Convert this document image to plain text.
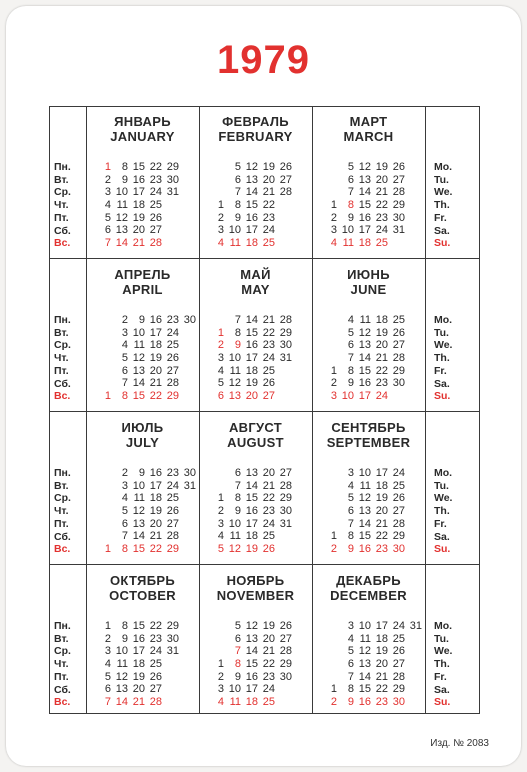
1979
Пн.
Вт.
Ср.
Чт.
Пт.
Сб.
Вс.
Mo.
Tu.
We.
Th.
Fr.
Sa.
Su.
ЯНВАРЬ
JANUARY
1 8 15 22 29
2 9 16 23 30
3 10 17 24 31
4 11 18 25
5 12 19 26
6 13 20 27
7 14 21 28
ФЕВРАЛЬ
FEBRUARY
5 12 19 26
6 13 20 27
7 14 21 28
1 8 15 22
2 9 16 23
3 10 17 24
4 11 18 25
МАРТ
MARCH
5 12 19 26
6 13 20 27
7 14 21 28
1 8 15 22 29
2 9 16 23 30
3 10 17 24 31
4 11 18 25
Пн.
Вт.
Ср.
Чт.
Пт.
Сб.
Вс.
Mo.
Tu.
We.
Th.
Fr.
Sa.
Su.
АПРЕЛЬ
APRIL
2 9 16 23 30
3 10 17 24
4 11 18 25
5 12 19 26
6 13 20 27
7 14 21 28
1 8 15 22 29
МАЙ
MAY
7 14 21 28
1 8 15 22 29
2 9 16 23 30
3 10 17 24 31
4 11 18 25
5 12 19 26
6 13 20 27
ИЮНЬ
JUNE
4 11 18 25
5 12 19 26
6 13 20 27
7 14 21 28
1 8 15 22 29
2 9 16 23 30
3 10 17 24
Пн.
Вт.
Ср.
Чт.
Пт.
Сб.
Вс.
Mo.
Tu.
We.
Th.
Fr.
Sa.
Su.
ИЮЛЬ
JULY
2 9 16 23 30
3 10 17 24 31
4 11 18 25
5 12 19 26
6 13 20 27
7 14 21 28
1 8 15 22 29
АВГУСТ
AUGUST
6 13 20 27
7 14 21 28
1 8 15 22 29
2 9 16 23 30
3 10 17 24 31
4 11 18 25
5 12 19 26
СЕНТЯБРЬ
SEPTEMBER
3 10 17 24
4 11 18 25
5 12 19 26
6 13 20 27
7 14 21 28
1 8 15 22 29
2 9 16 23 30
Пн.
Вт.
Ср.
Чт.
Пт.
Сб.
Вс.
Mo.
Tu.
We.
Th.
Fr.
Sa.
Su.
ОКТЯБРЬ
OCTOBER
1 8 15 22 29
2 9 16 23 30
3 10 17 24 31
4 11 18 25
5 12 19 26
6 13 20 27
7 14 21 28
НОЯБРЬ
NOVEMBER
5 12 19 26
6 13 20 27
7 14 21 28
1 8 15 22 29
2 9 16 23 30
3 10 17 24
4 11 18 25
ДЕКАБРЬ
DECEMBER
3 10 17 24 31
4 11 18 25
5 12 19 26
6 13 20 27
7 14 21 28
1 8 15 22 29
2 9 16 23 30
Изд. № 2083
